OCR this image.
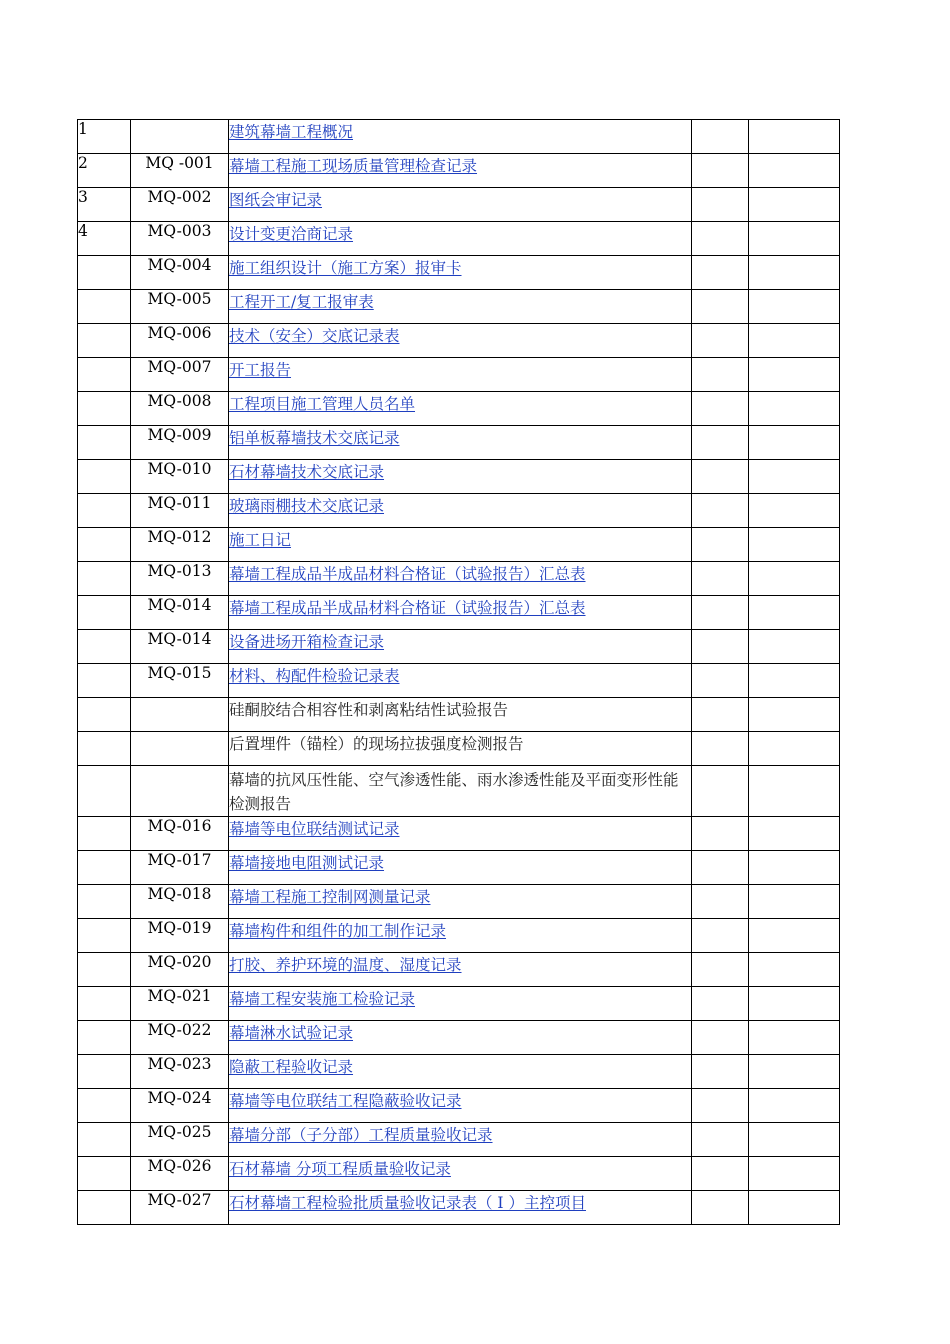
1		建筑幕墙工程概况		
2	MQ -001	幕墙工程施工现场质量管理检查记录		
3	MQ-002	图纸会审记录		
4	MQ-003	设计变更洽商记录		
	MQ-004	施工组织设计（施工方案）报审卡		
	MQ-005	工程开工/复工报审表		
	MQ-006	技术（安全）交底记录表		
	MQ-007	开工报告		
	MQ-008	工程项目施工管理人员名单		
	MQ-009	铝单板幕墙技术交底记录		
	MQ-010	石材幕墙技术交底记录		
	MQ-011	玻璃雨棚技术交底记录		
	MQ-012	施工日记		
	MQ-013	幕墙工程成品半成品材料合格证（试验报告）汇总表		
	MQ-014	幕墙工程成品半成品材料合格证（试验报告）汇总表		
	MQ-014	设备进场开箱检查记录		
	MQ-015	材料、构配件检验记录表		
		硅酮胶结合相容性和剥离粘结性试验报告		
		后置埋件（锚栓）的现场拉拔强度检测报告		
		幕墙的抗风压性能、空气渗透性能、雨水渗透性能及平面变形性能检测报告		
	MQ-016	幕墙等电位联结测试记录		
	MQ-017	幕墙接地电阻测试记录		
	MQ-018	幕墙工程施工控制网测量记录		
	MQ-019	幕墙构件和组件的加工制作记录		
	MQ-020	打胶、养护环境的温度、湿度记录		
	MQ-021	幕墙工程安装施工检验记录		
	MQ-022	幕墙淋水试验记录		
	MQ-023	隐蔽工程验收记录		
	MQ-024	幕墙等电位联结工程隐蔽验收记录		
	MQ-025	幕墙分部（子分部）工程质量验收记录		
	MQ-026	石材幕墙 分项工程质量验收记录		
	MQ-027	石材幕墙工程检验批质量验收记录表（ Ⅰ ）主控项目		
